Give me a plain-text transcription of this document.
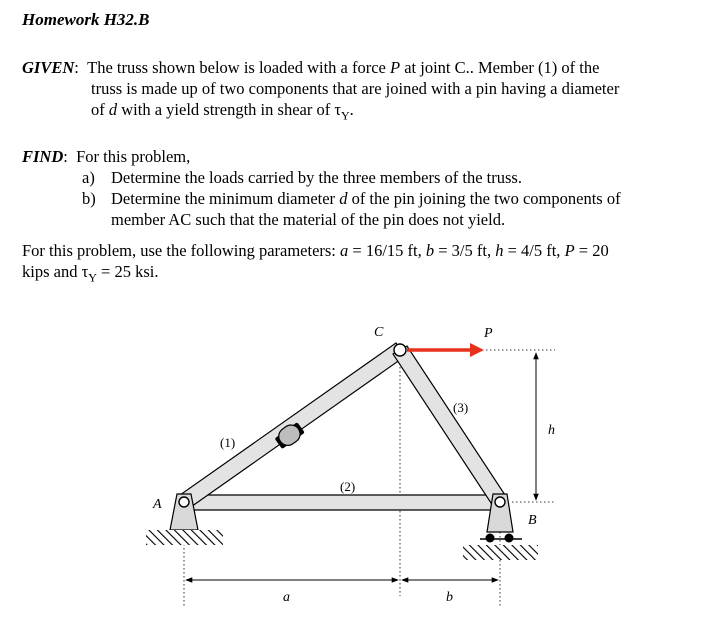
Homework H32.B
GIVEN: The truss shown below is loaded with a force P at joint C.. Member (1) of the
truss is made up of two components that are joined with a pin having a diameter
of d with a yield strength in shear of $\tau_Y$.
FIND: For this problem,
a) Determine the loads carried by the three members of the truss.
b) Determine the minimum diameter d of the pin joining the two components of
member AC such that the material of the pin does not yield.
For this problem, use the following parameters: a = 16/15 ft, b = 3/5 ft, h = 4/5 ft, P = 20
kips and $\tau_Y = 25$ ksi.
C	P
A
B
h
a	b
(1)
(2)
(3)
